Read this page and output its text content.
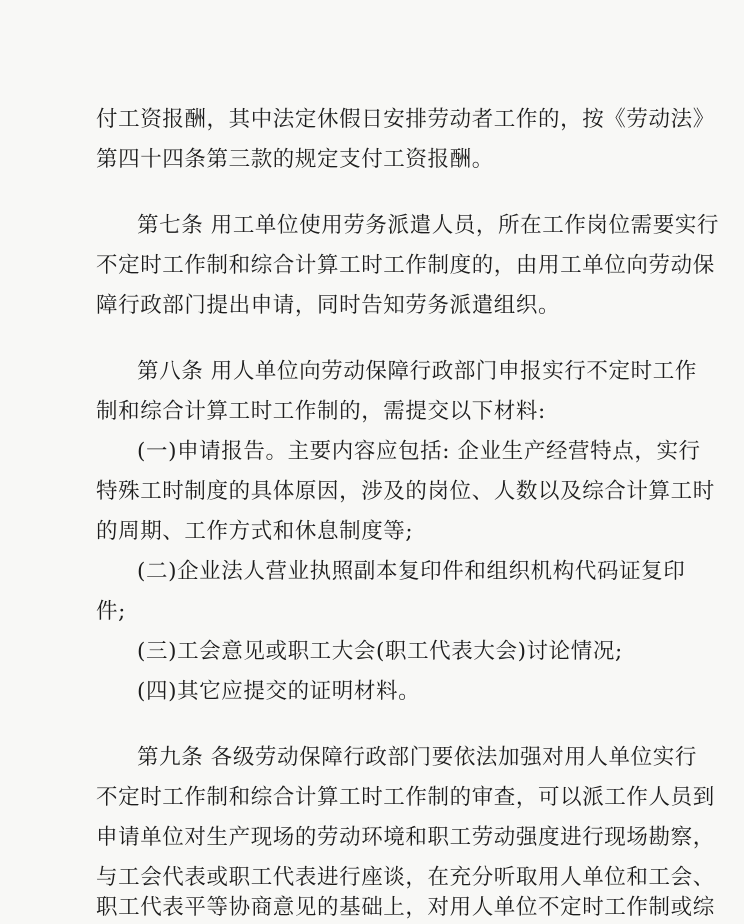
付工资报酬，其中法定休假日安排劳动者工作的，按《劳动法》
第四十四条第三款的规定支付工资报酬。
第七条 用工单位使用劳务派遣人员，所在工作岗位需要实行
不定时工作制和综合计算工时工作制度的，由用工单位向劳动保
障行政部门提出申请，同时告知劳务派遣组织。
第八条 用人单位向劳动保障行政部门申报实行不定时工作
制和综合计算工时工作制的，需提交以下材料:
(一)申请报告。主要内容应包括: 企业生产经营特点，实行
特殊工时制度的具体原因，涉及的岗位、人数以及综合计算工时
的周期、工作方式和休息制度等;
(二)企业法人营业执照副本复印件和组织机构代码证复印
件;
(三)工会意见或职工大会(职工代表大会)讨论情况;
(四)其它应提交的证明材料。
第九条 各级劳动保障行政部门要依法加强对用人单位实行
不定时工作制和综合计算工时工作制的审查，可以派工作人员到
申请单位对生产现场的劳动环境和职工劳动强度进行现场勘察，
与工会代表或职工代表进行座谈，在充分听取用人单位和工会、
职工代表平等协商意见的基础上，对用人单位不定时工作制或综
